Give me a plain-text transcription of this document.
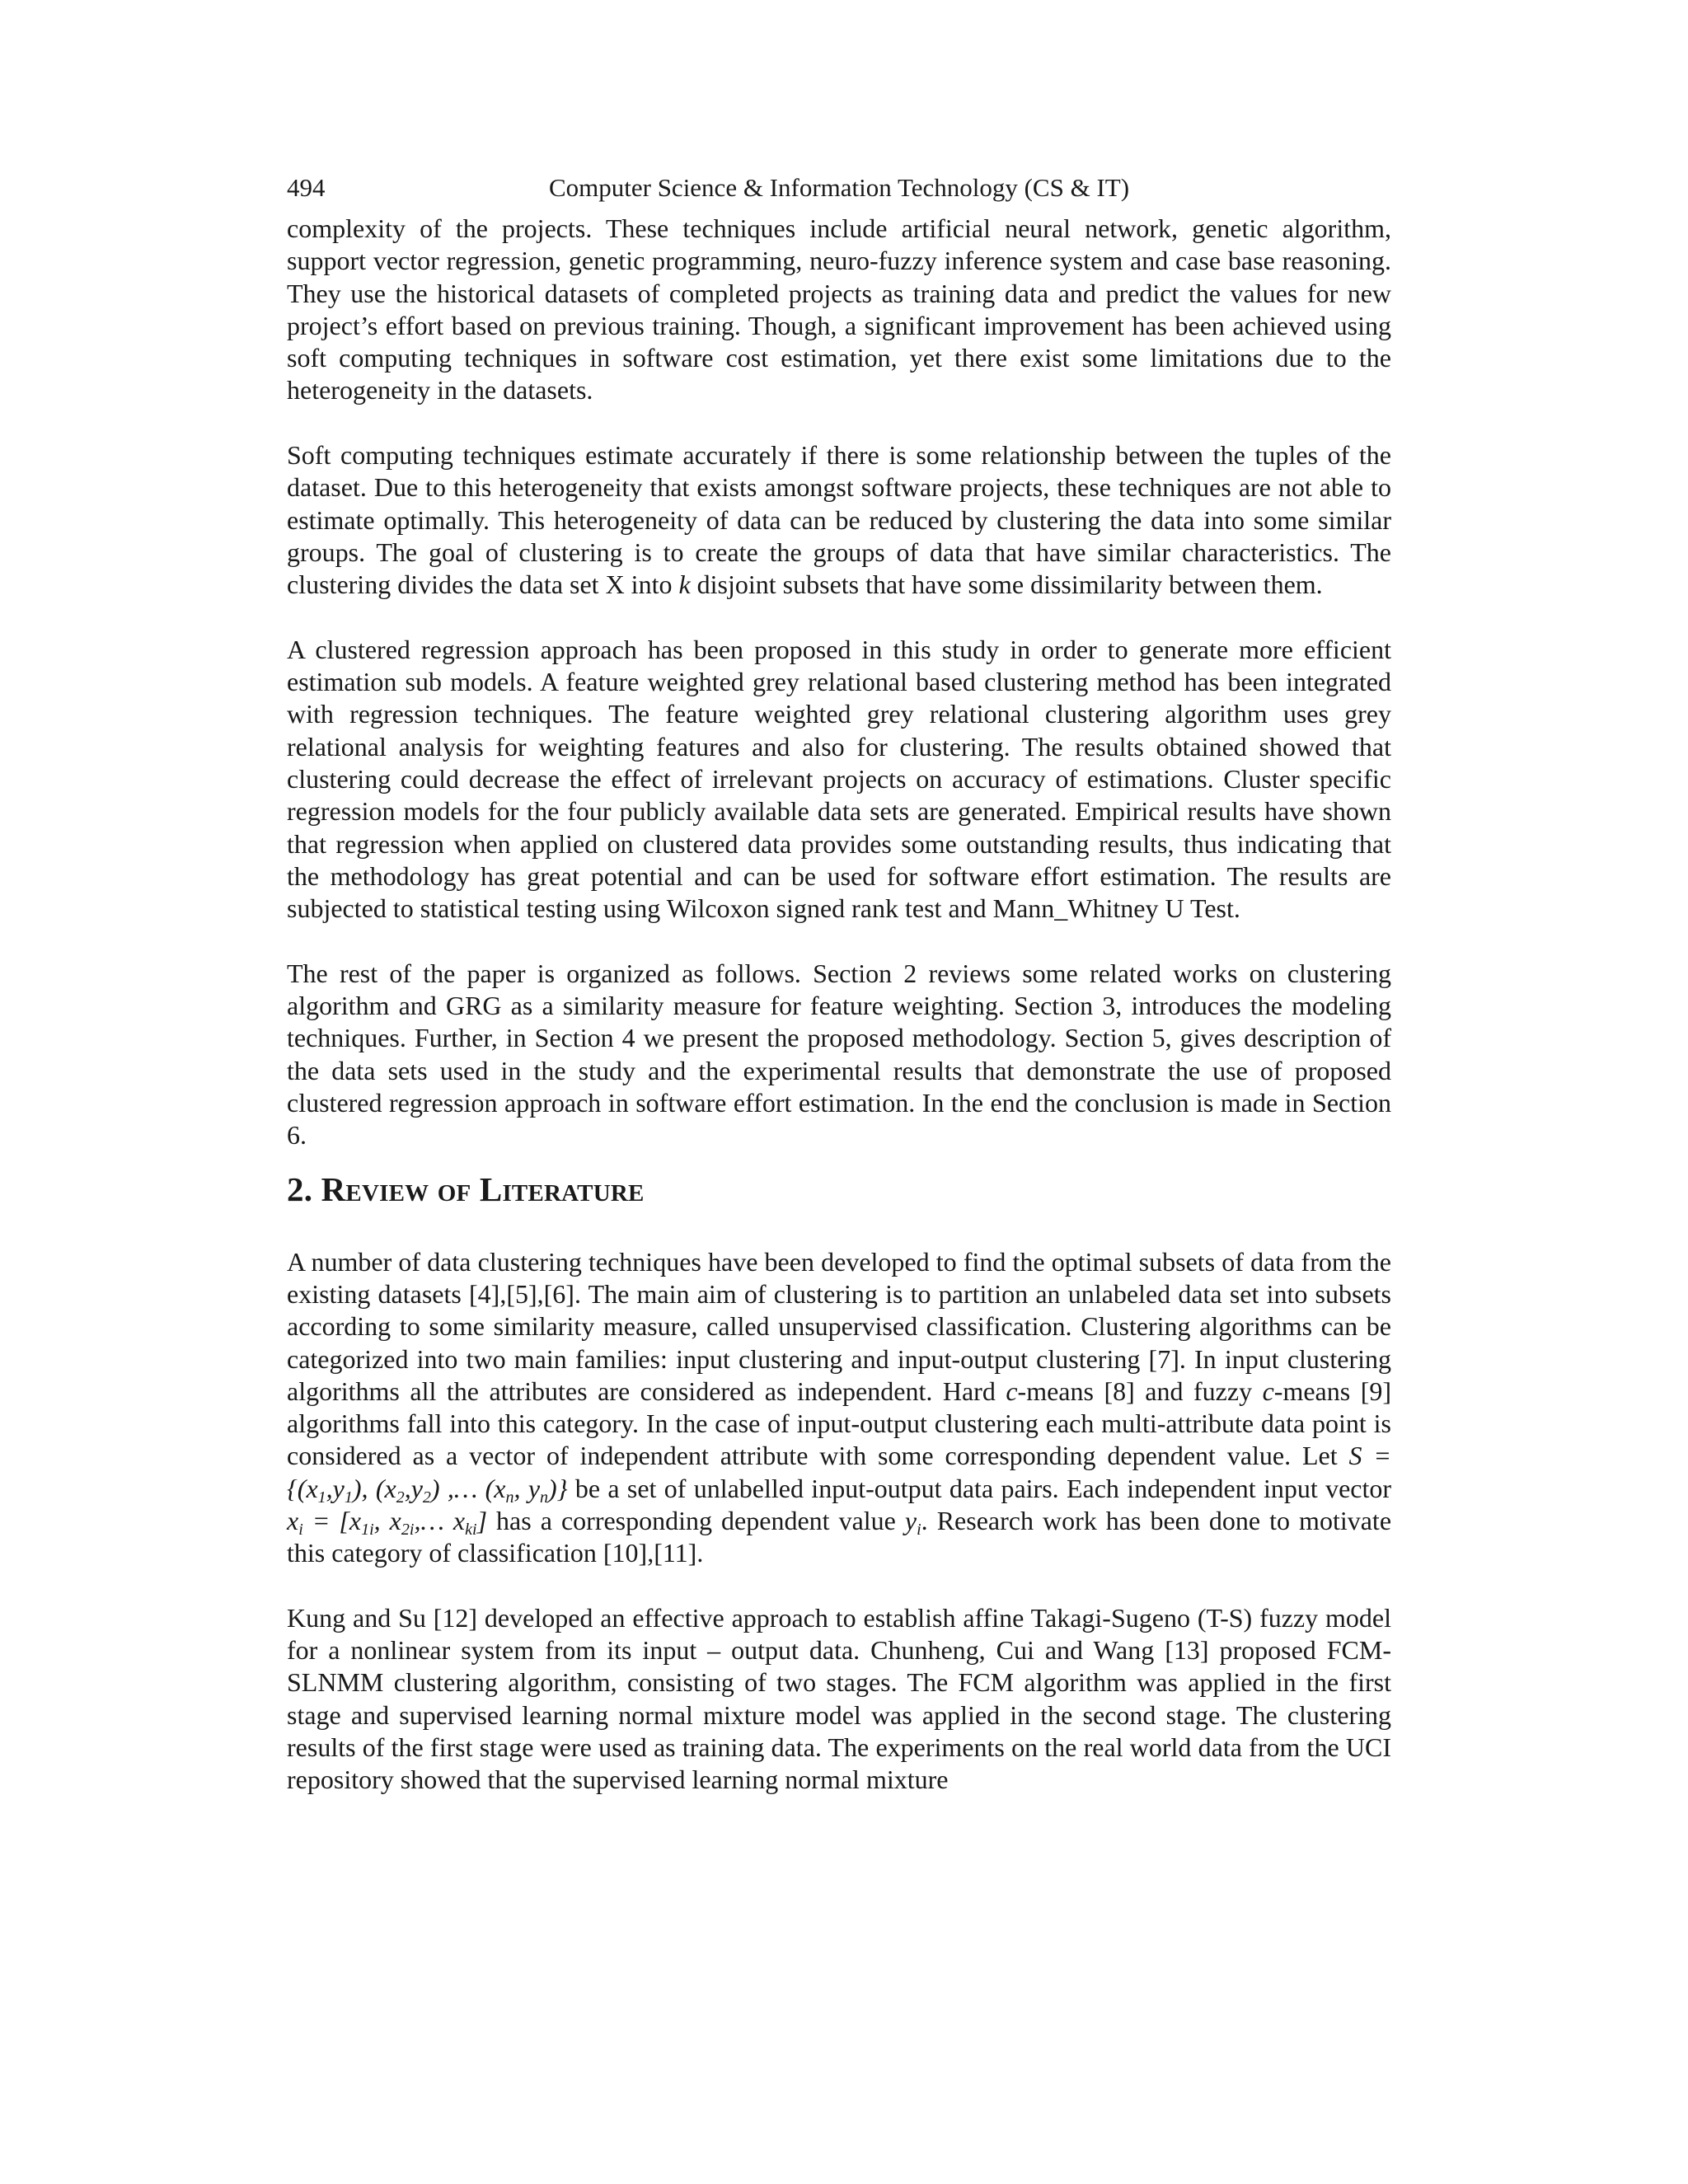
494	Computer Science & Information Technology (CS & IT)

complexity of the projects. These techniques include artificial neural network, genetic algorithm, support vector regression, genetic programming, neuro-fuzzy inference system and case base reasoning. They use the historical datasets of completed projects as training data and predict the values for new project’s effort based on previous training. Though, a significant improvement has been achieved using soft computing techniques in software cost estimation, yet there exist some limitations due to the heterogeneity in the datasets.

Soft computing techniques estimate accurately if there is some relationship between the tuples of the dataset. Due to this heterogeneity that exists amongst software projects, these techniques are not able to estimate optimally. This heterogeneity of data can be reduced by clustering the data into some similar groups. The goal of clustering is to create the groups of data that have similar characteristics. The clustering divides the data set X into k disjoint subsets that have some dissimilarity between them.

A clustered regression approach has been proposed in this study in order to generate more efficient estimation sub models. A feature weighted grey relational based clustering method has been integrated with regression techniques. The feature weighted grey relational clustering algorithm uses grey relational analysis for weighting features and also for clustering. The results obtained showed that clustering could decrease the effect of irrelevant projects on accuracy of estimations. Cluster specific regression models for the four publicly available data sets are generated. Empirical results have shown that regression when applied on clustered data provides some outstanding results, thus indicating that the methodology has great potential and can be used for software effort estimation. The results are subjected to statistical testing using Wilcoxon signed rank test and Mann_Whitney U Test.

The rest of the paper is organized as follows. Section 2 reviews some related works on clustering algorithm and GRG as a similarity measure for feature weighting. Section 3, introduces the modeling techniques. Further, in Section 4 we present the proposed methodology. Section 5, gives description of the data sets used in the study and the experimental results that demonstrate the use of proposed clustered regression approach in software effort estimation. In the end the conclusion is made in Section 6.

2. Review of Literature

A number of data clustering techniques have been developed to find the optimal subsets of data from the existing datasets [4],[5],[6]. The main aim of clustering is to partition an unlabeled data set into subsets according to some similarity measure, called unsupervised classification. Clustering algorithms can be categorized into two main families: input clustering and input-output clustering [7]. In input clustering algorithms all the attributes are considered as independent. Hard c-means [8] and fuzzy c-means [9] algorithms fall into this category. In the case of input-output clustering each multi-attribute data point is considered as a vector of independent attribute with some corresponding dependent value. Let $S = \{(x_1,y_1)$, $(x_2,y_2)$ ,… ($x_n$, $y_n$)} be a set of unlabelled input-output data pairs. Each independent input vector $x_i = [x_{1i}$, $x_{2i},\dots$ $x_{ki}$] has a corresponding dependent value $y_i$. Research work has been done to motivate this category of classification [10],[11].

Kung and Su [12] developed an effective approach to establish affine Takagi-Sugeno (T-S) fuzzy model for a nonlinear system from its input – output data. Chunheng, Cui and Wang [13] proposed FCM-SLNMM clustering algorithm, consisting of two stages. The FCM algorithm was applied in the first stage and supervised learning normal mixture model was applied in the second stage. The clustering results of the first stage were used as training data. The experiments on the real world data from the UCI repository showed that the supervised learning normal mixture
